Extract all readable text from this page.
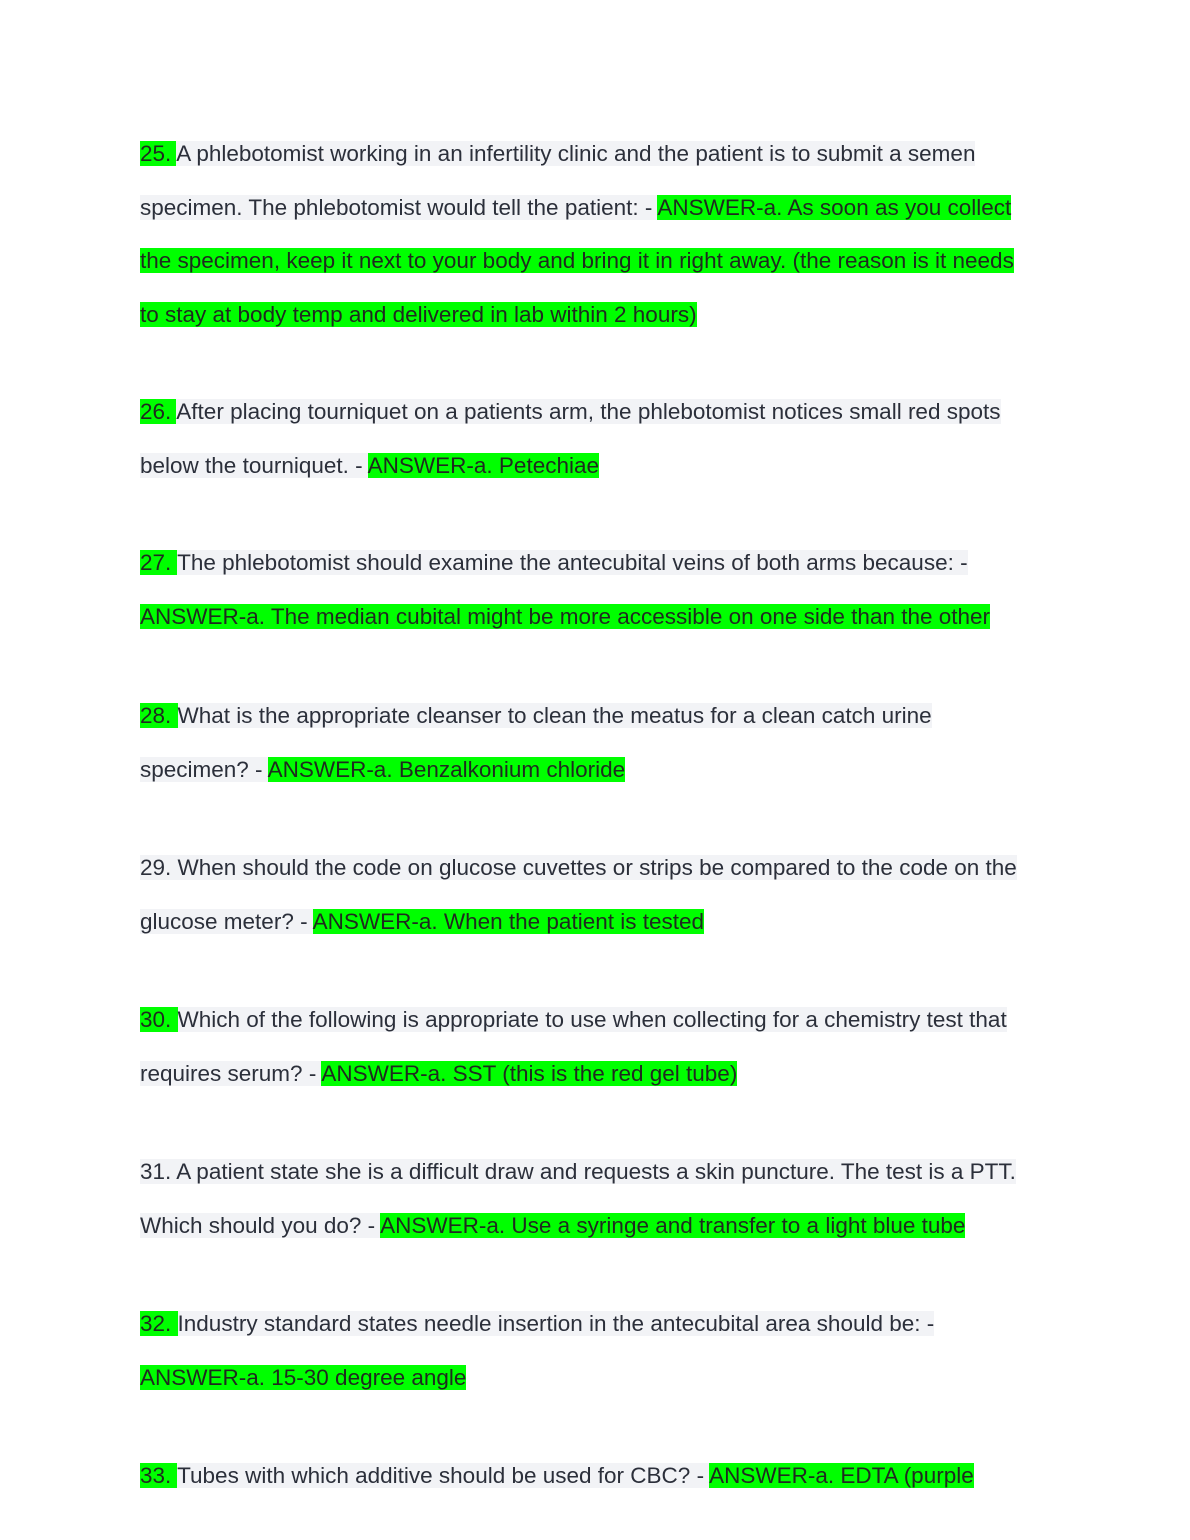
25. A phlebotomist working in an infertility clinic and the patient is to submit a semen
specimen. The phlebotomist would tell the patient: - ANSWER-a. As soon as you collect
the specimen, keep it next to your body and bring it in right away. (the reason is it needs
to stay at body temp and delivered in lab within 2 hours)
26. After placing tourniquet on a patients arm, the phlebotomist notices small red spots
below the tourniquet. - ANSWER-a. Petechiae
27. The phlebotomist should examine the antecubital veins of both arms because: -
ANSWER-a. The median cubital might be more accessible on one side than the other
28. What is the appropriate cleanser to clean the meatus for a clean catch urine
specimen? - ANSWER-a. Benzalkonium chloride
29. When should the code on glucose cuvettes or strips be compared to the code on the
glucose meter? - ANSWER-a. When the patient is tested
30. Which of the following is appropriate to use when collecting for a chemistry test that
requires serum? - ANSWER-a. SST (this is the red gel tube)
31. A patient state she is a difficult draw and requests a skin puncture. The test is a PTT.
Which should you do? - ANSWER-a. Use a syringe and transfer to a light blue tube
32. Industry standard states needle insertion in the antecubital area should be: -
ANSWER-a. 15-30 degree angle
33. Tubes with which additive should be used for CBC? - ANSWER-a. EDTA (purple
